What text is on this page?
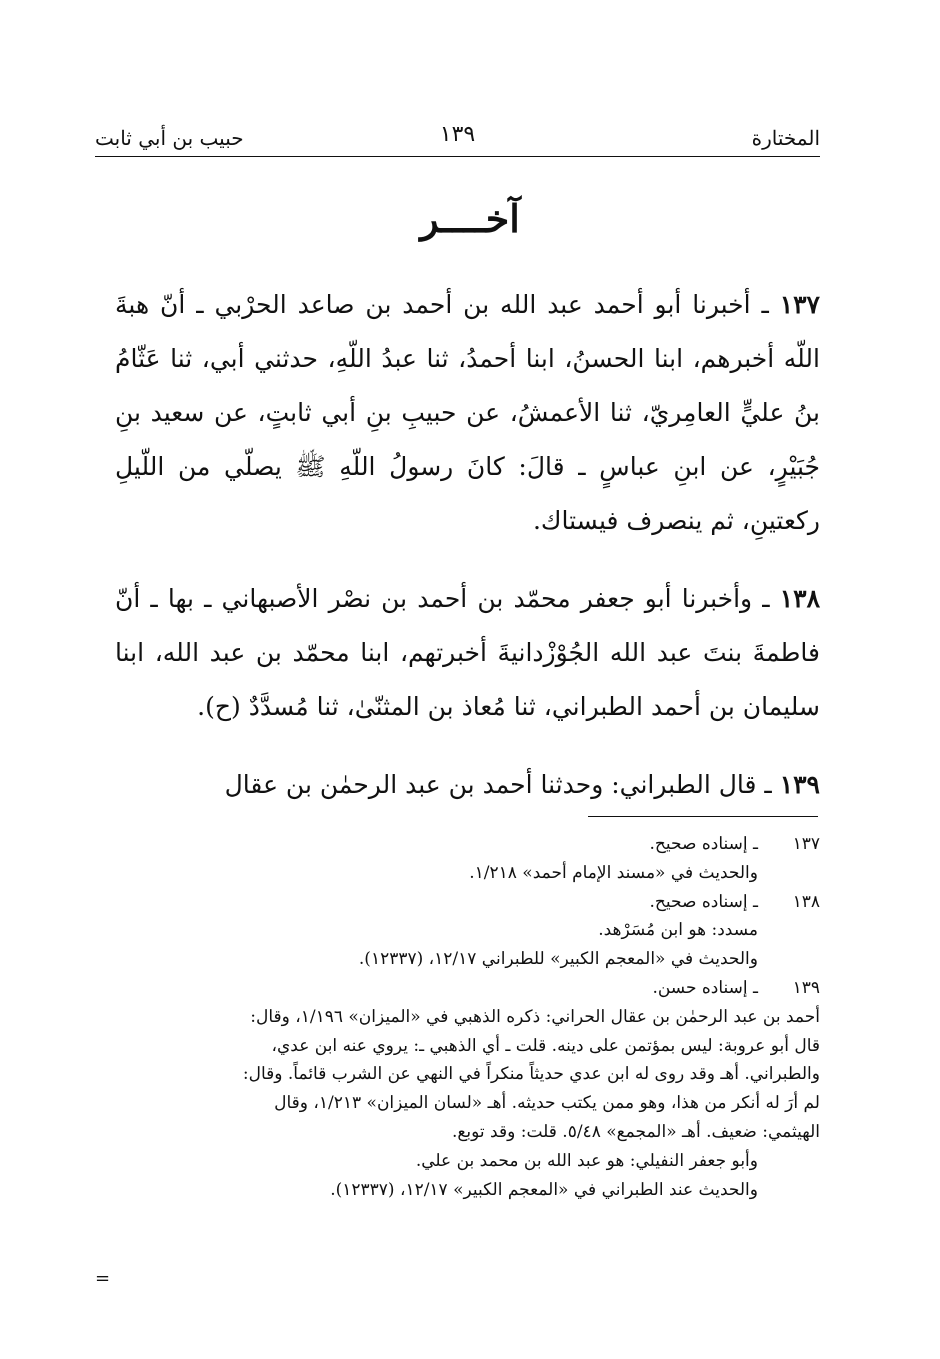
المختارة
١٣٩
حبيب بن أبي ثابت
آخــــر

١٣٧ ـ أخبرنا أبو أحمد عبد الله بن أحمد بن صاعد الحرْبي ـ أنّ هبةَ اللّه أخبرهم، ابنا الحسنُ، ابنا أحمدُ، ثنا عبدُ اللّهِ، حدثني أبي، ثنا عَثّامُ بنُ عليٍّ العامِريّ، ثنا الأعمشُ، عن حبيبِ بنِ أبي ثابتٍ، عن سعيد بنِ جُبَيْرٍ، عن ابنِ عباسٍ ـ قالَ: كانَ رسولُ اللّهِ ﷺ يصلّي من اللّيلِ ركعتينِ، ثم ينصرف فيستاك.

١٣٨ ـ وأخبرنا أبو جعفر محمّد بن أحمد بن نصْر الأصبهاني ـ بها ـ أنّ فاطمةَ بنتَ عبد الله الجُوْزْدانيةَ أخبرتهم، ابنا محمّد بن عبد الله، ابنا سليمان بن أحمد الطبراني، ثنا مُعاذ بن المثنّىٰ، ثنا مُسدَّدٌ (ح).

١٣٩ ـ قال الطبراني: وحدثنا أحمد بن عبد الرحمٰن بن عقال

١٣٧ـ إسناده صحيح.
والحديث في «مسند الإمام أحمد» ١/٢١٨.
١٣٨ـ إسناده صحيح.
مسدد: هو ابن مُسَرْهد.
والحديث في «المعجم الكبير» للطبراني ١٢/١٧، (١٢٣٣٧).
١٣٩ـ إسناده حسن.
أحمد بن عبد الرحمٰن بن عقال الحراني: ذكره الذهبي في «الميزان» ١/١٩٦، وقال:
قال أبو عروبة: ليس بمؤتمن على دينه. قلت ـ أي الذهبي ـ: يروي عنه ابن عدي،
والطبراني. أهـ وقد روى له ابن عدي حديثاً منكراً في النهي عن الشرب قائماً. وقال:
لم أرَ له أنكر من هذا، وهو ممن يكتب حديثه. أهـ «لسان الميزان» ١/٢١٣، وقال
الهيثمي: ضعيف. أهـ «المجمع» ٥/٤٨. قلت: وقد توبع.
وأبو جعفر النفيلي: هو عبد الله بن محمد بن علي.
والحديث عند الطبراني في «المعجم الكبير» ١٢/١٧، (١٢٣٣٧).
=
